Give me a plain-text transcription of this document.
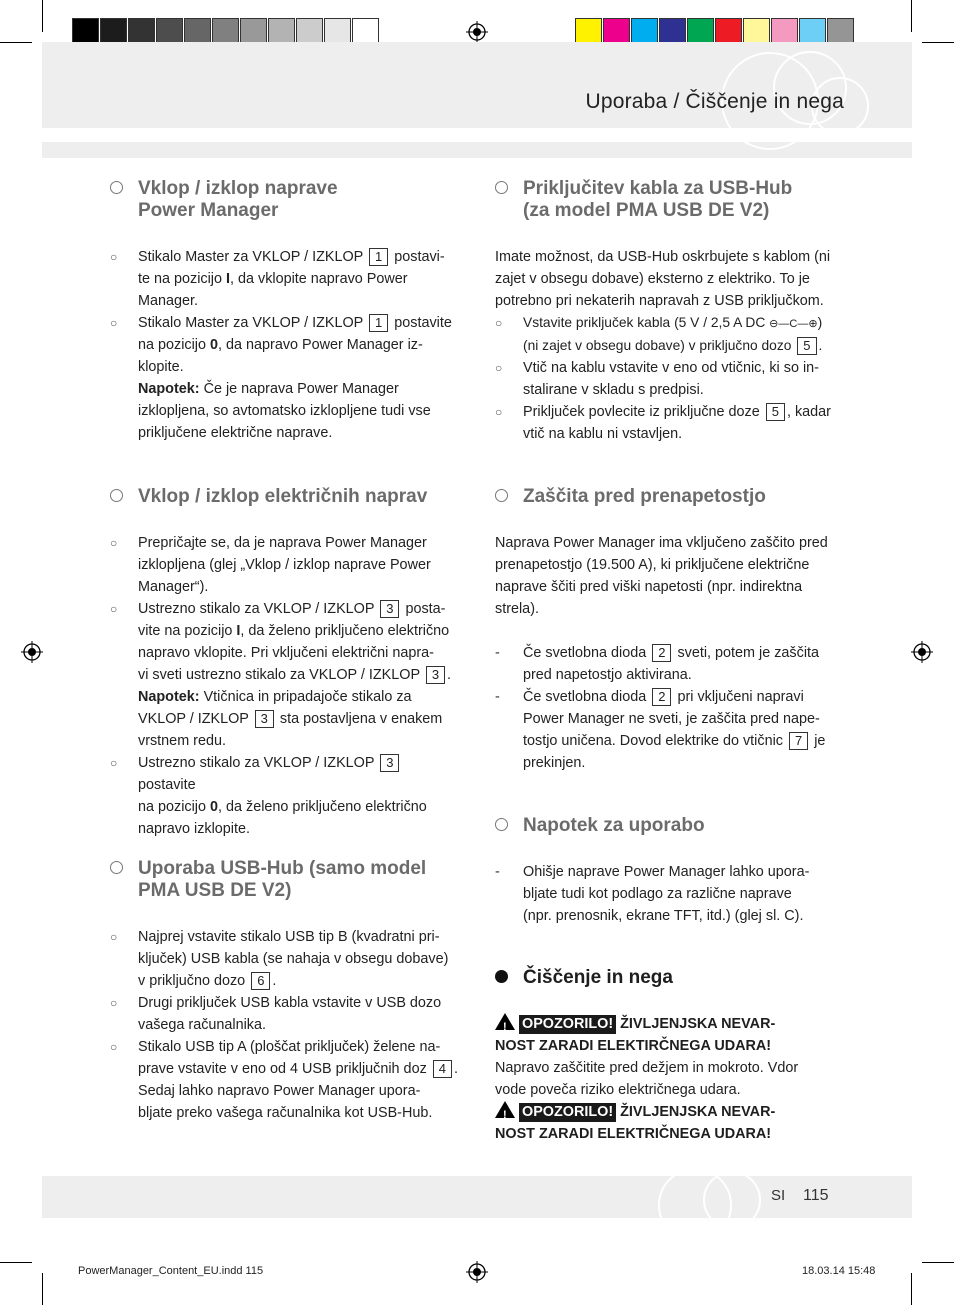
Uporaba / Čiščenje in nega
Vklop / izklop naprave
Power Manager
○ Stikalo Master za VKLOP / IZKLOP 1 postavi-
te na pozicijo I, da vklopite napravo Power
Manager.
○ Stikalo Master za VKLOP / IZKLOP 1 postavite
na pozicijo 0, da napravo Power Manager iz-
klopite.
Napotek: Če je naprava Power Manager
izklopljena, so avtomatsko izklopljene tudi vse
priključene električne naprave.
Vklop / izklop električnih naprav
○ Prepričajte se, da je naprava Power Manager
izklopljena (glej „Vklop / izklop naprave Power
Manager“).
○ Ustrezno stikalo za VKLOP / IZKLOP 3 posta-
vite na pozicijo I, da želeno priključeno električno
napravo vklopite. Pri vključeni električni napra-
vi sveti ustrezno stikalo za VKLOP / IZKLOP 3 .
Napotek: Vtičnica in pripadajoče stikalo za
VKLOP / IZKLOP 3 sta postavljena v enakem
vrstnem redu.
○ Ustrezno stikalo za VKLOP / IZKLOP 3 postavite
na pozicijo 0, da želeno priključeno električno
napravo izklopite.
Uporaba USB-Hub (samo model
PMA USB DE V2)
○ Najprej vstavite stikalo USB tip B (kvadratni pri-
ključek) USB kabla (se nahaja v obsegu dobave)
v priključno dozo 6 .
○ Drugi priključek USB kabla vstavite v USB dozo
vašega računalnika.
○ Stikalo USB tip A (ploščat priključek) želene na-
prave vstavite v eno od 4 USB priključnih doz 4 .
Sedaj lahko napravo Power Manager upora-
bljate preko vašega računalnika kot USB-Hub.
Priključitev kabla za USB-Hub
(za model PMA USB DE V2)
Imate možnost, da USB-Hub oskrbujete s kablom (ni
zajet v obsegu dobave) eksterno z elektriko. To je
potrebno pri nekaterih napravah z USB priključkom.
○ Vstavite priključek kabla (5 V / 2,5 A DC ⊖—C—⊕)
(ni zajet v obsegu dobave) v priključno dozo 5 .
○ Vtič na kablu vstavite v eno od vtičnic, ki so in-
stalirane v skladu s predpisi.
○ Priključek povlecite iz priključne doze 5 , kadar
vtič na kablu ni vstavljen.
Zaščita pred prenapetostjo
Naprava Power Manager ima vključeno zaščito pred
prenapetostjo (19.500 A), ki priključene električne
naprave ščiti pred viški napetosti (npr. indirektna
strela).
- Če svetlobna dioda 2 sveti, potem je zaščita
pred napetostjo aktivirana.
- Če svetlobna dioda 2 pri vključeni napravi
Power Manager ne sveti, je zaščita pred nape-
tostjo uničena. Dovod elektrike do vtičnic 7 je
prekinjen.
Napotek za uporabo
- Ohišje naprave Power Manager lahko upora-
bljate tudi kot podlago za različne naprave
(npr. prenosnik, ekrane TFT, itd.) (glej sl. C).
Čiščenje in nega
! OPOZORILO! ŽIVLJENJSKA NEVAR-
NOST ZARADI ELEKTIRČNEGA UDARA!
Napravo zaščitite pred dežjem in mokroto. Vdor
vode poveča riziko električnega udara.
! OPOZORILO! ŽIVLJENJSKA NEVAR-
NOST ZARADI ELEKTRIČNEGA UDARA!
SI 115
PowerManager_Content_EU.indd 115	18.03.14 15:48
